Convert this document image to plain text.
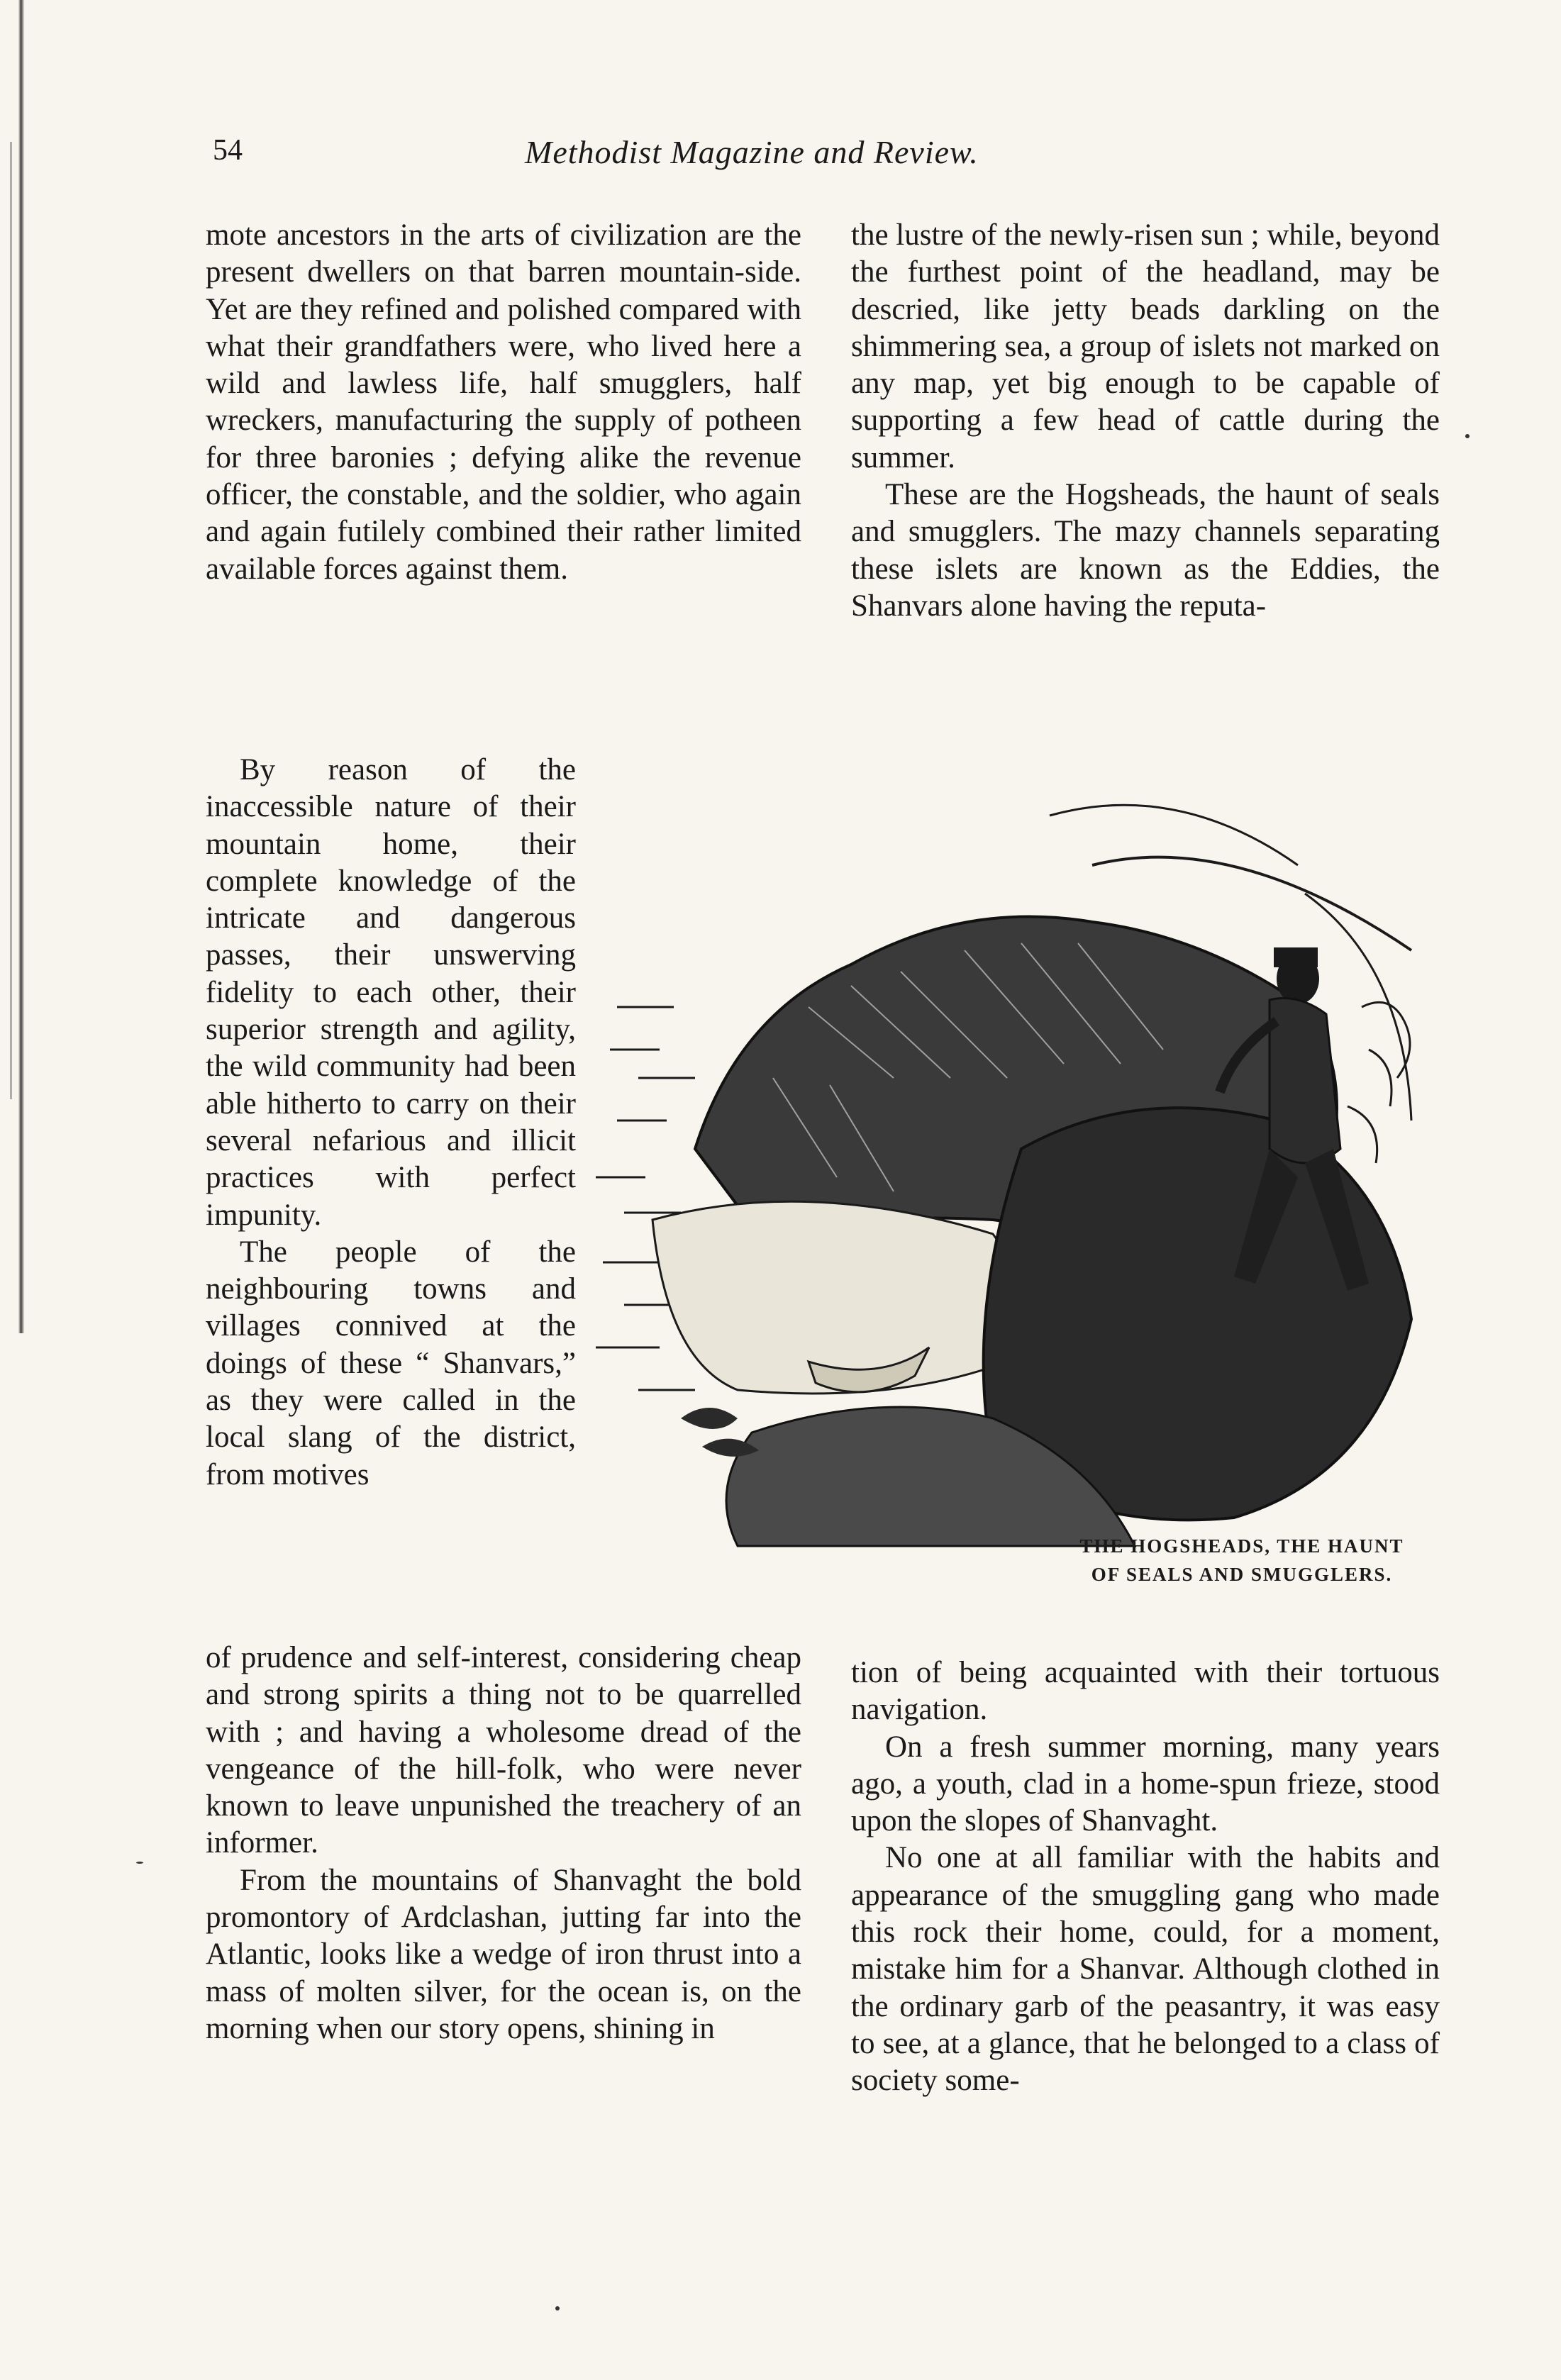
54	Methodist Magazine and Review.

mote ancestors in the arts of civilization are the present dwellers on that barren mountain-side. Yet are they refined and polished compared with what their grandfathers were, who lived here a wild and lawless life, half smugglers, half wreckers, manufacturing the supply of potheen for three baronies ; defying alike the revenue officer, the constable, and the soldier, who again and again futilely combined their rather limited available forces against them.

By reason of the inaccessible nature of their mountain home, their complete knowledge of the intricate and dangerous passes, their unswerving fidelity to each other, their superior strength and agility, the wild community had been able hitherto to carry on their several nefarious and illicit practices with perfect impunity.

The people of the neighbouring towns and villages connived at the doings of these “ Shanvars,” as they were called in the local slang of the district, from motives

of prudence and self-interest, considering cheap and strong spirits a thing not to be quarrelled with ; and having a wholesome dread of the vengeance of the hill-folk, who were never known to leave unpunished the treachery of an informer.

From the mountains of Shanvaght the bold promontory of Ardclashan, jutting far into the Atlantic, looks like a wedge of iron thrust into a mass of molten silver, for the ocean is, on the morning when our story opens, shining in

the lustre of the newly-risen sun ; while, beyond the furthest point of the headland, may be descried, like jetty beads darkling on the shimmering sea, a group of islets not marked on any map, yet big enough to be capable of supporting a few head of cattle during the summer.

These are the Hogsheads, the haunt of seals and smugglers. The mazy channels separating these islets are known as the Eddies, the Shanvars alone having the reputa-

tion of being acquainted with their tortuous navigation.

On a fresh summer morning, many years ago, a youth, clad in a home-spun frieze, stood upon the slopes of Shanvaght.

No one at all familiar with the habits and appearance of the smuggling gang who made this rock their home, could, for a moment, mistake him for a Shanvar. Although clothed in the ordinary garb of the peasantry, it was easy to see, at a glance, that he belonged to a class of society some-

THE HOGSHEADS, THE HAUNT
OF SEALS AND SMUGGLERS.
